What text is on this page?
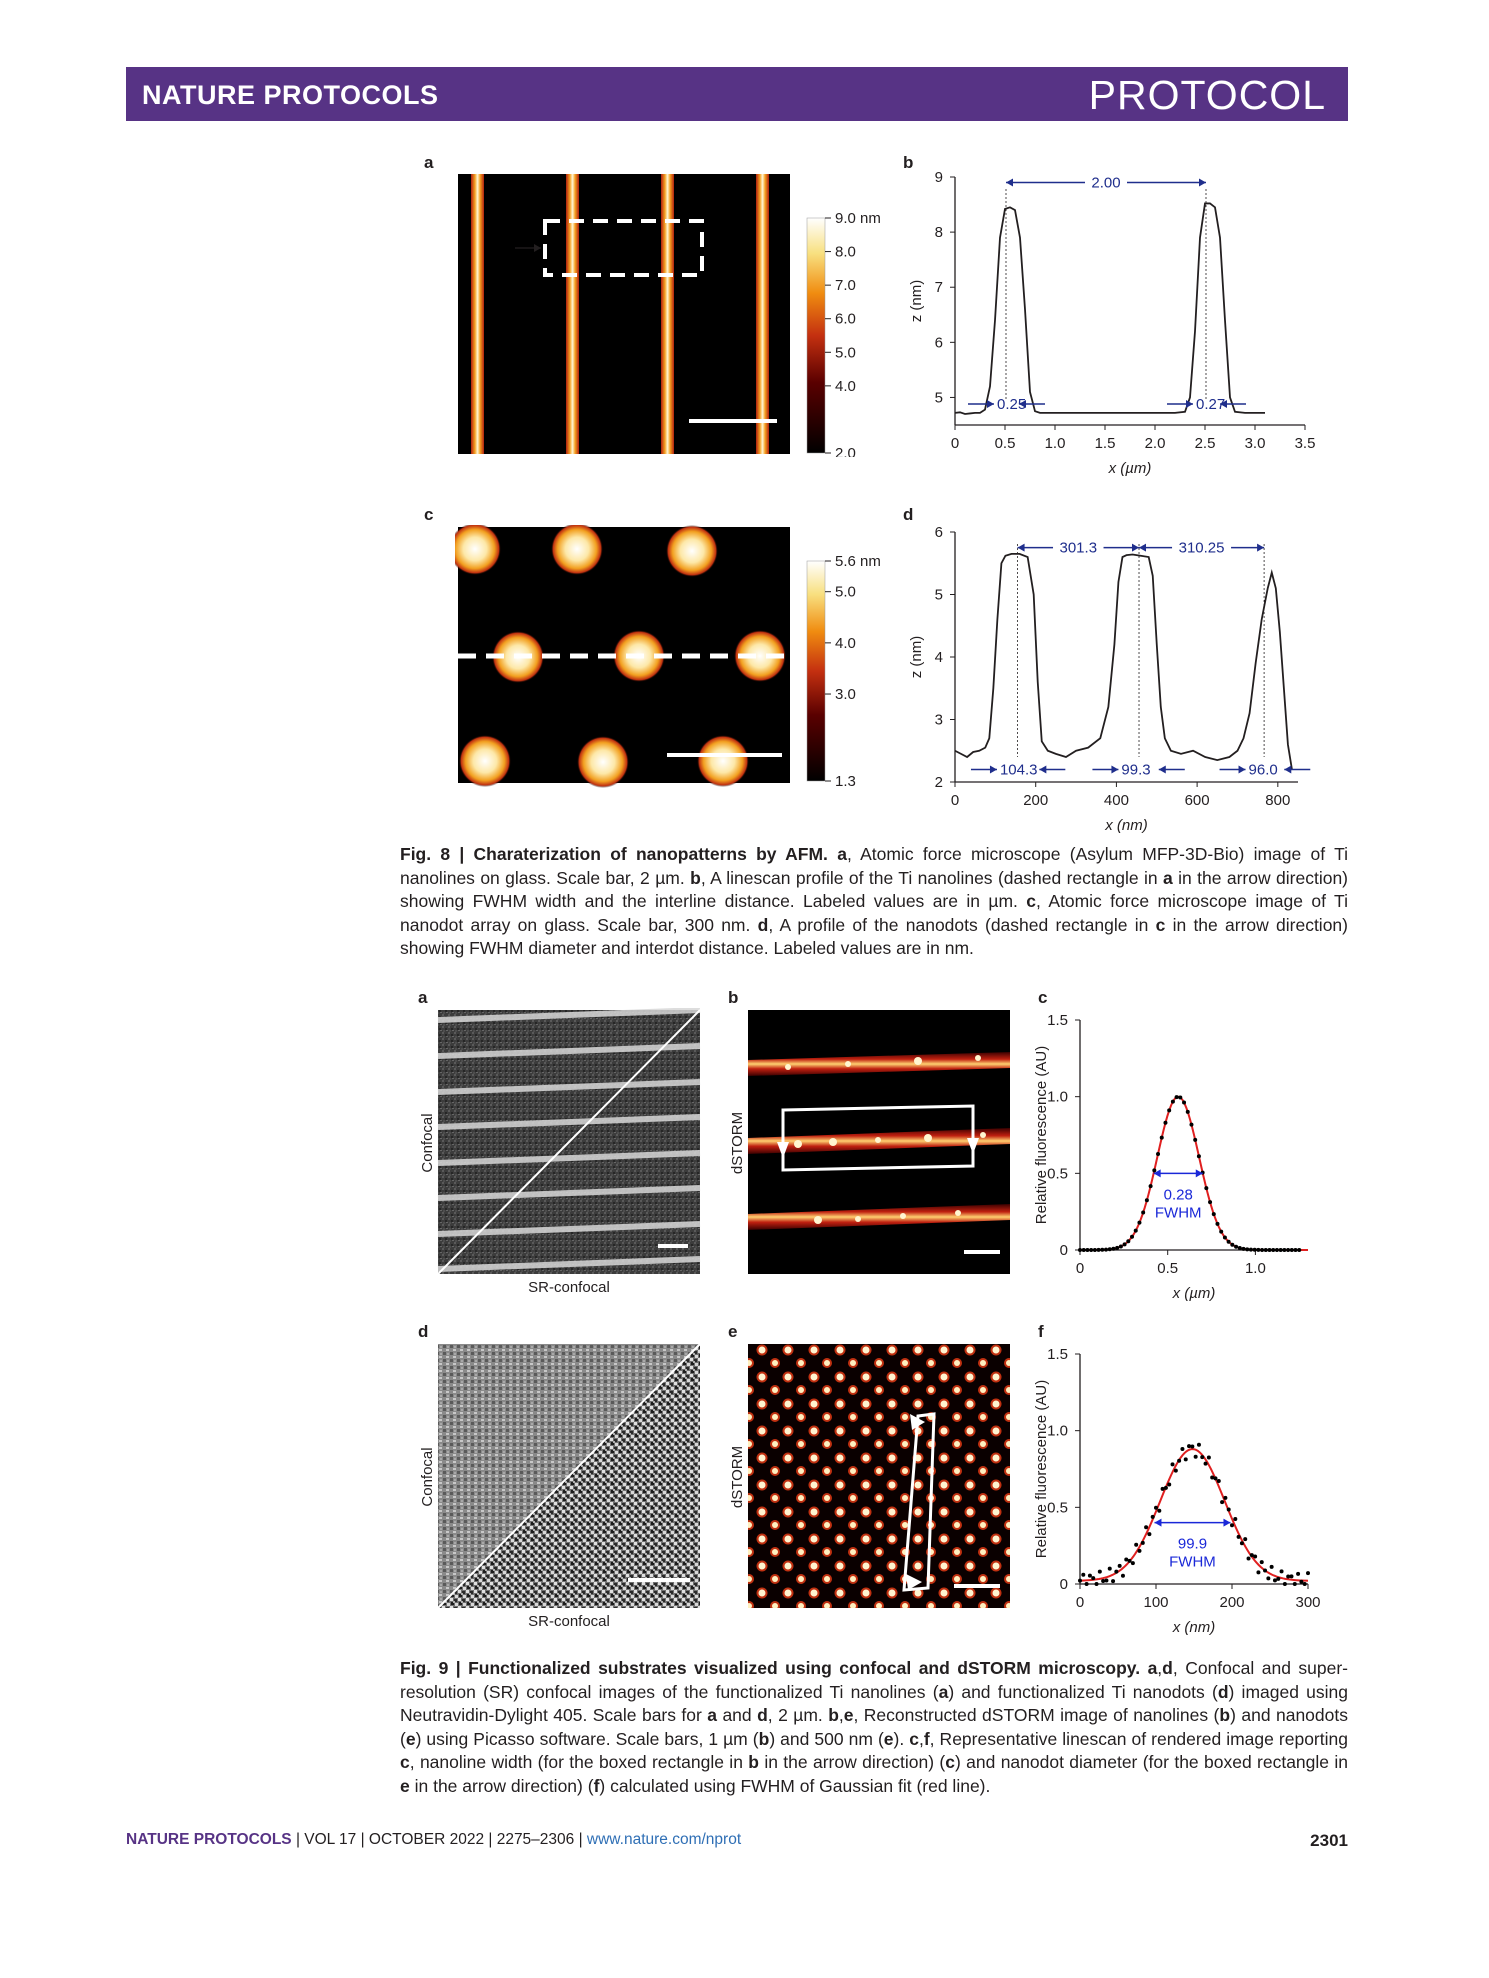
NATURE PROTOCOLS	PROTOCOL
a	b
c	d
9.0 nm
8.0
7.0
6.0
5.0
4.0
2.0
5
6
7
8
9
0 0.5 1.0 1.5 2.0 2.5 3.0 3.5
x (µm)
z (nm)
2.00
0.25	0.27
5.6 nm
5.0
4.0
3.0
1.3	2
3
4
5
6
0	200	400	600	800
x (nm)
z (nm)
301.3	310.25
104.3	99.3	96.0
Fig. 8 | Charaterization of nanopatterns by AFM. a, Atomic force microscope (Asylum MFP-3D-Bio) image of Ti nanolines on glass. Scale bar, 2 µm. b, A linescan profile of the Ti nanolines (dashed rectangle in a in the arrow direction) showing FWHM width and the interline distance. Labeled values are in µm. c, Atomic force microscope image of Ti nanodot array on glass. Scale bar, 300 nm. d, A profile of the nanodots (dashed rectangle in c in the arrow direction) showing FWHM diameter and interdot distance. Labeled values are in nm.
a	b	c
d	e	f
Confocal
SR-confocal
dSTORM
0
0.5
1.0
1.5
0	0.5	1.0
x (µm)
Relative fluorescence (AU)	0.28
FWHM
Confocal
SR-confocal
dSTORM
0
0.5
1.0
1.5
0	100	200	300
x (nm)
Relative fluorescence (AU)	99.9
FWHM
Fig. 9 | Functionalized substrates visualized using confocal and dSTORM microscopy. a,d, Confocal and super-resolution (SR) confocal images of the functionalized Ti nanolines (a) and functionalized Ti nanodots (d) imaged using Neutravidin-Dylight 405. Scale bars for a and d, 2 µm. b,e, Reconstructed dSTORM image of nanolines (b) and nanodots (e) using Picasso software. Scale bars, 1 µm (b) and 500 nm (e). c,f, Representative linescan of rendered image reporting c, nanoline width (for the boxed rectangle in b in the arrow direction) (c) and nanodot diameter (for the boxed rectangle in e in the arrow direction) (f) calculated using FWHM of Gaussian fit (red line).
NATURE PROTOCOLS | VOL 17 | OCTOBER 2022 | 2275–2306 | www.nature.com/nprot	2301
